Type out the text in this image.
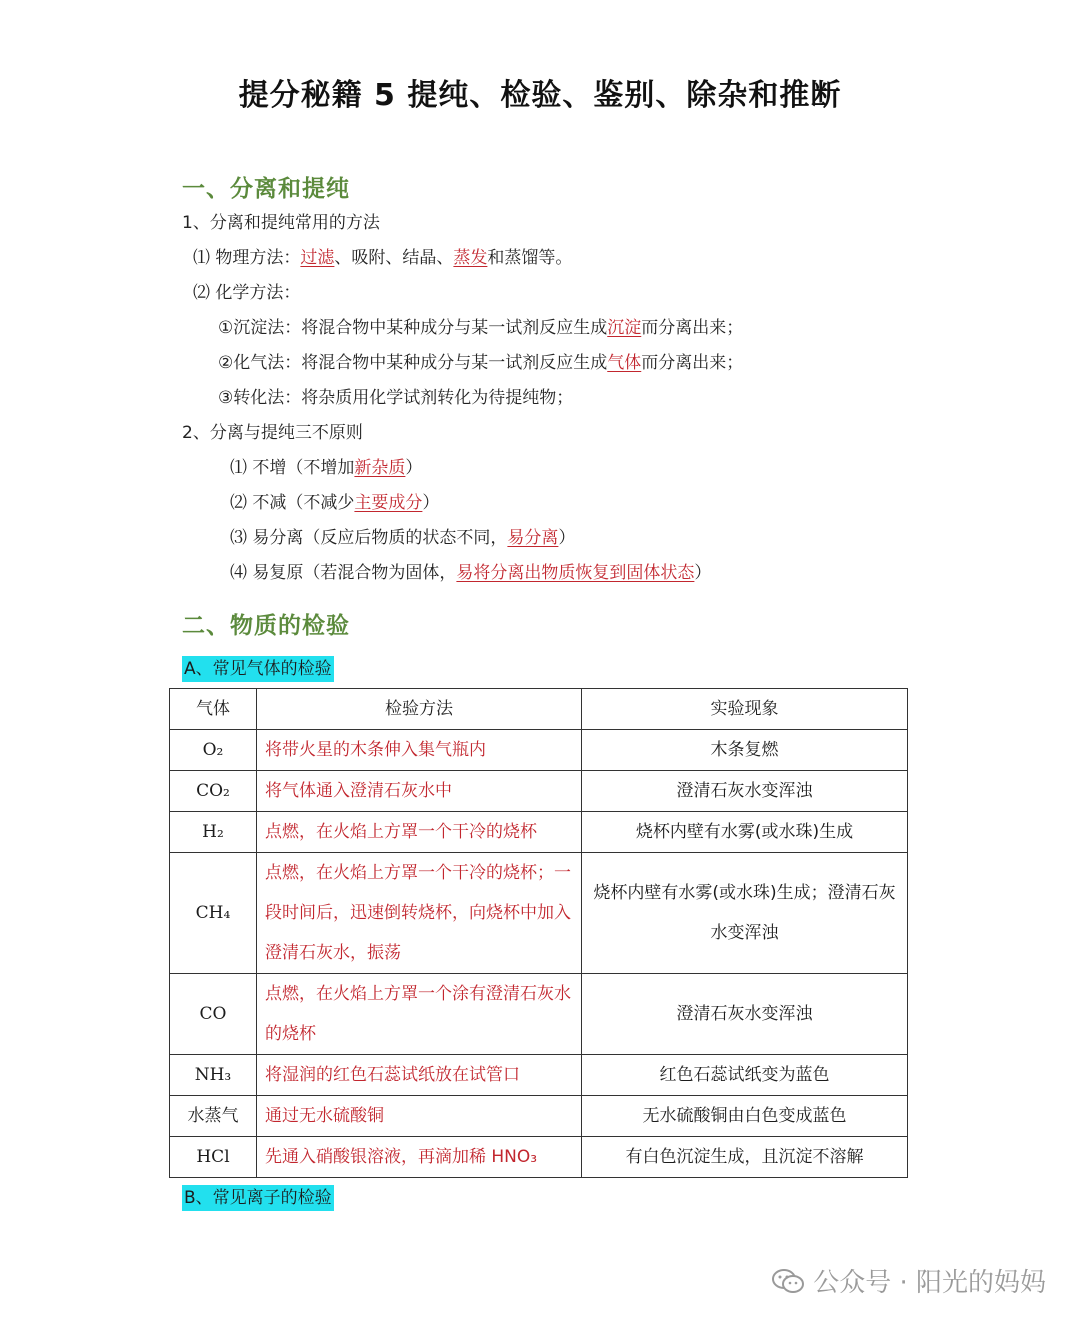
提分秘籍 5 提纯、检验、鉴别、除杂和推断
一、分离和提纯
1、分离和提纯常用的方法
⑴ 物理方法：过滤、吸附、结晶、蒸发和蒸馏等。
⑵ 化学方法：
①沉淀法：将混合物中某种成分与某一试剂反应生成沉淀而分离出来；
②化气法：将混合物中某种成分与某一试剂反应生成气体而分离出来；
③转化法：将杂质用化学试剂转化为待提纯物；
2、分离与提纯三不原则
⑴ 不增（不增加新杂质）
⑵ 不减（不减少主要成分）
⑶ 易分离（反应后物质的状态不同，易分离）
⑷ 易复原（若混合物为固体，易将分离出物质恢复到固体状态）
二、物质的检验
A、常见气体的检验
气体	检验方法	实验现象
O₂	将带火星的木条伸入集气瓶内	木条复燃
CO₂	将气体通入澄清石灰水中	澄清石灰水变浑浊
H₂	点燃，在火焰上方罩一个干冷的烧杯	烧杯内壁有水雾(或水珠)生成
CH₄	点燃，在火焰上方罩一个干冷的烧杯；一段时间后，迅速倒转烧杯，向烧杯中加入澄清石灰水，振荡	烧杯内壁有水雾(或水珠)生成；澄清石灰水变浑浊
CO	点燃，在火焰上方罩一个涂有澄清石灰水的烧杯	澄清石灰水变浑浊
NH₃	将湿润的红色石蕊试纸放在试管口	红色石蕊试纸变为蓝色
水蒸气	通过无水硫酸铜	无水硫酸铜由白色变成蓝色
HCl	先通入硝酸银溶液，再滴加稀 HNO₃	有白色沉淀生成，且沉淀不溶解
B、常见离子的检验
公众号 · 阳光的妈妈
